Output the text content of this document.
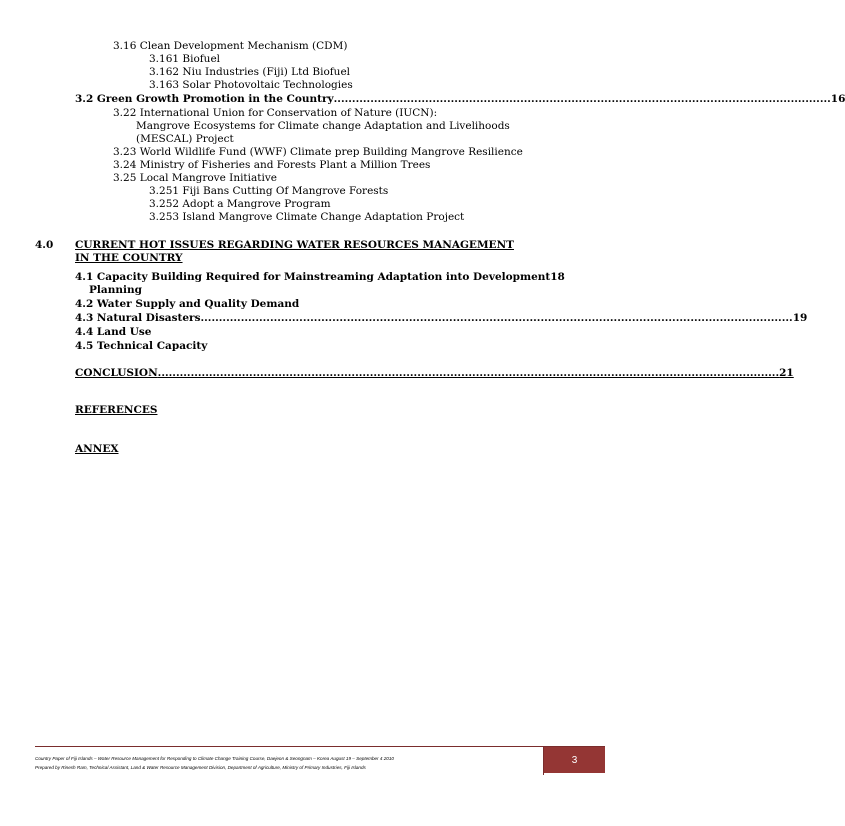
3.16 Clean Development Mechanism (CDM)
3.161 Biofuel
3.162 Niu Industries (Fiji) Ltd Biofuel
3.163 Solar Photovoltaic Technologies
3.2 Green Growth Promotion in the Country ........................................................................................................................................ 16
3.22 International Union for Conservation of Nature (IUCN):
Mangrove Ecosystems for Climate change Adaptation and Livelihoods
(MESCAL) Project
3.23 World Wildlife Fund (WWF) Climate prep Building Mangrove Resilience
3.24 Ministry of Fisheries and Forests Plant a Million Trees
3.25 Local Mangrove Initiative
3.251 Fiji Bans Cutting Of Mangrove Forests
3.252 Adopt a Mangrove Program
3.253 Island Mangrove Climate Change Adaptation Project
4.0 CURRENT HOT ISSUES REGARDING WATER RESOURCES MANAGEMENT
IN THE COUNTRY
4.1 Capacity Building Required for Mainstreaming Adaptation into Development 18
Planning
4.2 Water Supply and Quality Demand
4.3 Natural Disasters .................................................................................................................................................................. 19
4.4 Land Use
4.5 Technical Capacity
CONCLUSION .......................................................................................................................................................................... 21
REFERENCES
ANNEX
Country Paper of Fiji Islands – Water Resource Management for Responding to Climate Change Training Course, Daejeon & Seongnam – Korea August 19 – September 4 2010
Prepared by Rinesh Ram, Technical Assistant, Land & Water Resource Management Division, Department of Agriculture, Ministry of Primary Industries, Fiji Islands
3
